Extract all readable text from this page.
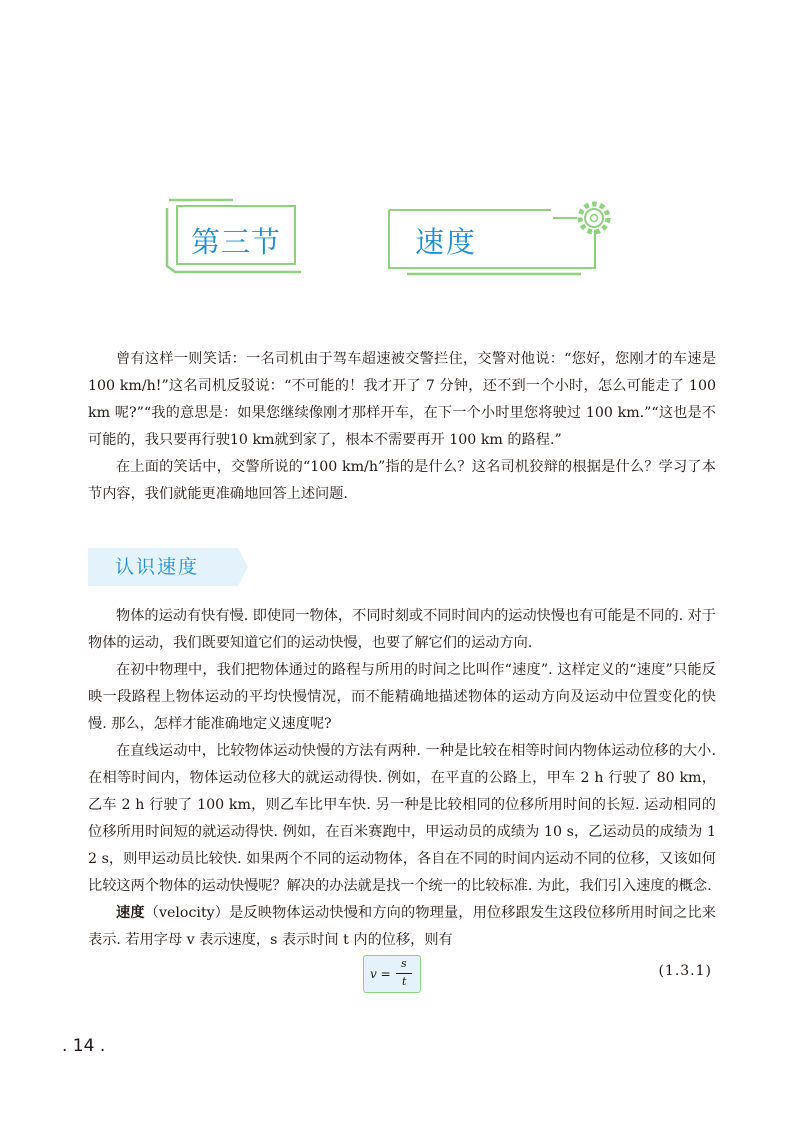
第三节	速度

曾有这样一则笑话：一名司机由于驾车超速被交警拦住，交警对他说：“您好，您刚才的车速是 100 km/h!”这名司机反驳说：“不可能的！我才开了 7 分钟，还不到一个小时，怎么可能走了 100 km 呢?”“我的意思是：如果您继续像刚才那样开车，在下一个小时里您将驶过 100 km.”“这也是不可能的，我只要再行驶10 km就到家了，根本不需要再开 100 km 的路程.”

在上面的笑话中，交警所说的“100 km/h”指的是什么？这名司机狡辩的根据是什么？学习了本节内容，我们就能更准确地回答上述问题.

认识速度

物体的运动有快有慢. 即使同一物体，不同时刻或不同时间内的运动快慢也有可能是不同的. 对于物体的运动，我们既要知道它们的运动快慢，也要了解它们的运动方向.

在初中物理中，我们把物体通过的路程与所用的时间之比叫作“速度”. 这样定义的“速度”只能反映一段路程上物体运动的平均快慢情况，而不能精确地描述物体的运动方向及运动中位置变化的快慢. 那么，怎样才能准确地定义速度呢?

在直线运动中，比较物体运动快慢的方法有两种. 一种是比较在相等时间内物体运动位移的大小. 在相等时间内，物体运动位移大的就运动得快. 例如，在平直的公路上，甲车 2 h 行驶了 80 km，乙车 2 h 行驶了 100 km，则乙车比甲车快. 另一种是比较相同的位移所用时间的长短. 运动相同的位移所用时间短的就运动得快. 例如，在百米赛跑中，甲运动员的成绩为 10 s，乙运动员的成绩为 12 s，则甲运动员比较快. 如果两个不同的运动物体，各自在不同的时间内运动不同的位移，又该如何比较这两个物体的运动快慢呢？解决的办法就是找一个统一的比较标准. 为此，我们引入速度的概念.

速度（velocity）是反映物体运动快慢和方向的物理量，用位移跟发生这段位移所用时间之比来表示. 若用字母 v 表示速度，s 表示时间 t 内的位移，则有

v =
s
t
(1.3.1)
. 14 .
